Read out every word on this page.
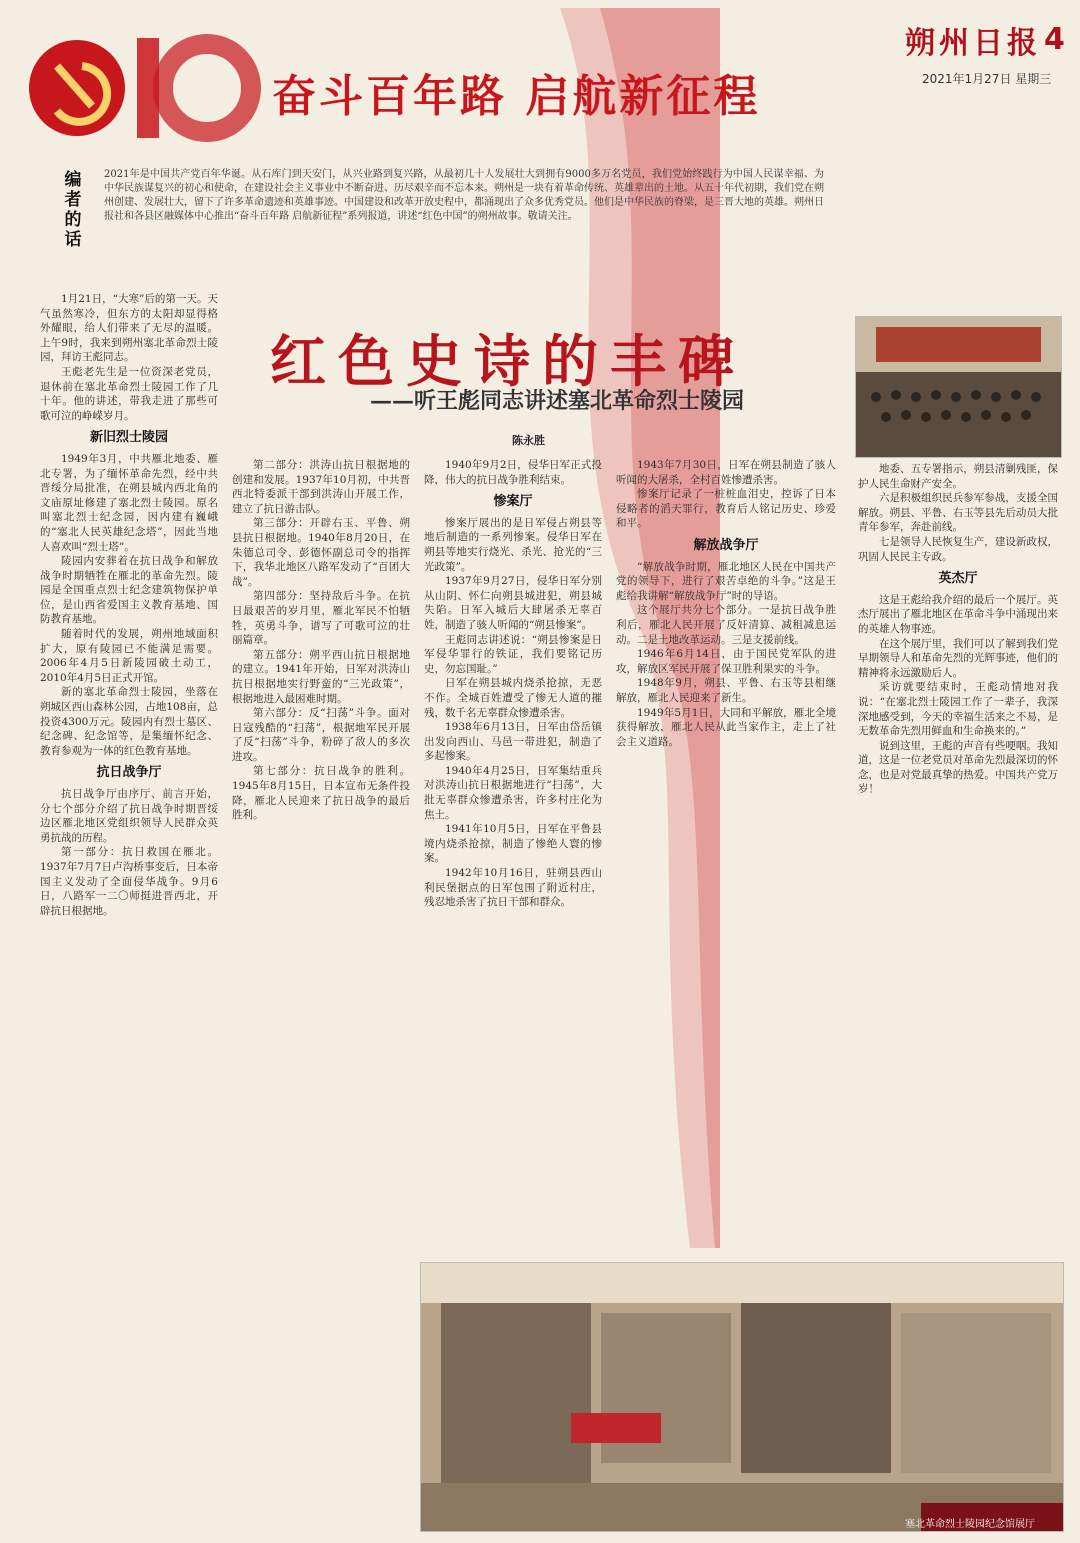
奋斗百年路 启航新征程
朔州日报 4
2021年1月27日 星期三
编
者
的
话
2021年是中国共产党百年华诞。从石库门到天安门，从兴业路到复兴路，从最初几十人发展壮大到拥有9000多万名党员，我们党始终践行为中国人民谋幸福、为中华民族谋复兴的初心和使命，在建设社会主义事业中不断奋进、历尽艰辛而不忘本来。朔州是一块有着革命传统、英雄辈出的土地。从五十年代初期，我们党在朔州创建、发展壮大，留下了许多革命遗迹和英雄事迹。中国建设和改革开放史程中，都涌现出了众多优秀党员。他们是中华民族的脊梁，是三晋大地的英雄。朔州日报社和各县区融媒体中心推出“奋斗百年路 启航新征程”系列报道，讲述“红色中国”的朔州故事。敬请关注。
红色史诗的丰碑
——听王彪同志讲述塞北革命烈士陵园
陈永胜

1月21日，“大寒”后的第一天。天气虽然寒冷，但东方的太阳却显得格外耀眼，给人们带来了无尽的温暖。上午9时，我来到朔州塞北革命烈士陵园，拜访王彪同志。

王彪老先生是一位资深老党员，退休前在塞北革命烈士陵园工作了几十年。他的讲述，带我走进了那些可歌可泣的峥嵘岁月。

新旧烈士陵园

1949年3月，中共雁北地委、雁北专署，为了缅怀革命先烈，经中共晋绥分局批准，在朔县城内西北角的文庙原址修建了塞北烈士陵园。原名叫塞北烈士纪念园，因内建有巍峨的“塞北人民英雄纪念塔”，因此当地人喜欢叫“烈士塔”。

陵园内安葬着在抗日战争和解放战争时期牺牲在雁北的革命先烈。陵园是全国重点烈士纪念建筑物保护单位，是山西省爱国主义教育基地、国防教育基地。

随着时代的发展，朔州地域面积扩大，原有陵园已不能满足需要。2006年4月5日新陵园破土动工，2010年4月5日正式开馆。

新的塞北革命烈士陵园，坐落在朔城区西山森林公园，占地108亩，总投资4300万元。陵园内有烈士墓区、纪念碑、纪念馆等，是集缅怀纪念、教育参观为一体的红色教育基地。

抗日战争厅

抗日战争厅由序厅、前言开始，分七个部分介绍了抗日战争时期晋绥边区雁北地区党组织领导人民群众英勇抗战的历程。

第一部分：抗日救国在雁北。1937年7月7日卢沟桥事变后，日本帝国主义发动了全面侵华战争。9月6日，八路军一二〇师挺进晋西北，开辟抗日根据地。

第二部分：洪涛山抗日根据地的创建和发展。1937年10月初，中共晋西北特委派干部到洪涛山开展工作，建立了抗日游击队。

第三部分：开辟右玉、平鲁、朔县抗日根据地。1940年8月20日，在朱德总司令、彭德怀副总司令的指挥下，我华北地区八路军发动了“百团大战”。

第四部分：坚持敌后斗争。在抗日最艰苦的岁月里，雁北军民不怕牺牲，英勇斗争，谱写了可歌可泣的壮丽篇章。

第五部分：朔平西山抗日根据地的建立。1941年开始，日军对洪涛山抗日根据地实行野蛮的“三光政策”，根据地进入最困难时期。

第六部分：反“扫荡”斗争。面对日寇残酷的“扫荡”，根据地军民开展了反“扫荡”斗争，粉碎了敌人的多次进攻。

第七部分：抗日战争的胜利。1945年8月15日，日本宣布无条件投降，雁北人民迎来了抗日战争的最后胜利。

1940年9月2日，侵华日军正式投降，伟大的抗日战争胜利结束。

惨案厅

惨案厅展出的是日军侵占朔县等地后制造的一系列惨案。侵华日军在朔县等地实行烧光、杀光、抢光的“三光政策”。

1937年9月27日，侵华日军分别从山阴、怀仁向朔县城进犯，朔县城失陷。日军入城后大肆屠杀无辜百姓，制造了骇人听闻的“朔县惨案”。

王彪同志讲述说：“朔县惨案是日军侵华罪行的铁证，我们要铭记历史，勿忘国耻。”

日军在朔县城内烧杀抢掠，无恶不作。全城百姓遭受了惨无人道的摧残，数千名无辜群众惨遭杀害。

1938年6月13日，日军由岱岳镇出发向西山、马邑一带进犯，制造了多起惨案。

1940年4月25日，日军集结重兵对洪涛山抗日根据地进行“扫荡”，大批无辜群众惨遭杀害，许多村庄化为焦土。

1941年10月5日，日军在平鲁县境内烧杀抢掠，制造了惨绝人寰的惨案。

1942年10月16日，驻朔县西山利民堡据点的日军包围了附近村庄，残忍地杀害了抗日干部和群众。

1943年7月30日，日军在朔县制造了骇人听闻的大屠杀，全村百姓惨遭杀害。

惨案厅记录了一桩桩血泪史，控诉了日本侵略者的滔天罪行，教育后人铭记历史、珍爱和平。

解放战争厅

“解放战争时期，雁北地区人民在中国共产党的领导下，进行了艰苦卓绝的斗争。”这是王彪给我讲解“解放战争厅”时的导语。

这个展厅共分七个部分。一是抗日战争胜利后，雁北人民开展了反奸清算、减租减息运动。二是土地改革运动。三是支援前线。

1946年6月14日，由于国民党军队的进攻，解放区军民开展了保卫胜利果实的斗争。

1948年9月，朔县、平鲁、右玉等县相继解放，雁北人民迎来了新生。

1949年5月1日，大同和平解放，雁北全境获得解放，雁北人民从此当家作主，走上了社会主义道路。

地委、五专署指示，朔县清剿残匪，保护人民生命财产安全。

六是积极组织民兵参军参战，支援全国解放。朔县、平鲁、右玉等县先后动员大批青年参军，奔赴前线。

七是领导人民恢复生产，建设新政权，巩固人民民主专政。

英杰厅

这是王彪给我介绍的最后一个展厅。英杰厅展出了雁北地区在革命斗争中涌现出来的英雄人物事迹。

在这个展厅里，我们可以了解到我们党早期领导人和革命先烈的光辉事迹，他们的精神将永远激励后人。

采访就要结束时，王彪动情地对我说：“在塞北烈士陵园工作了一辈子，我深深地感受到，今天的幸福生活来之不易，是无数革命先烈用鲜血和生命换来的。”

说到这里，王彪的声音有些哽咽。我知道，这是一位老党员对革命先烈最深切的怀念，也是对党最真挚的热爱。中国共产党万岁！

塞北革命烈士陵园纪念馆展厅
